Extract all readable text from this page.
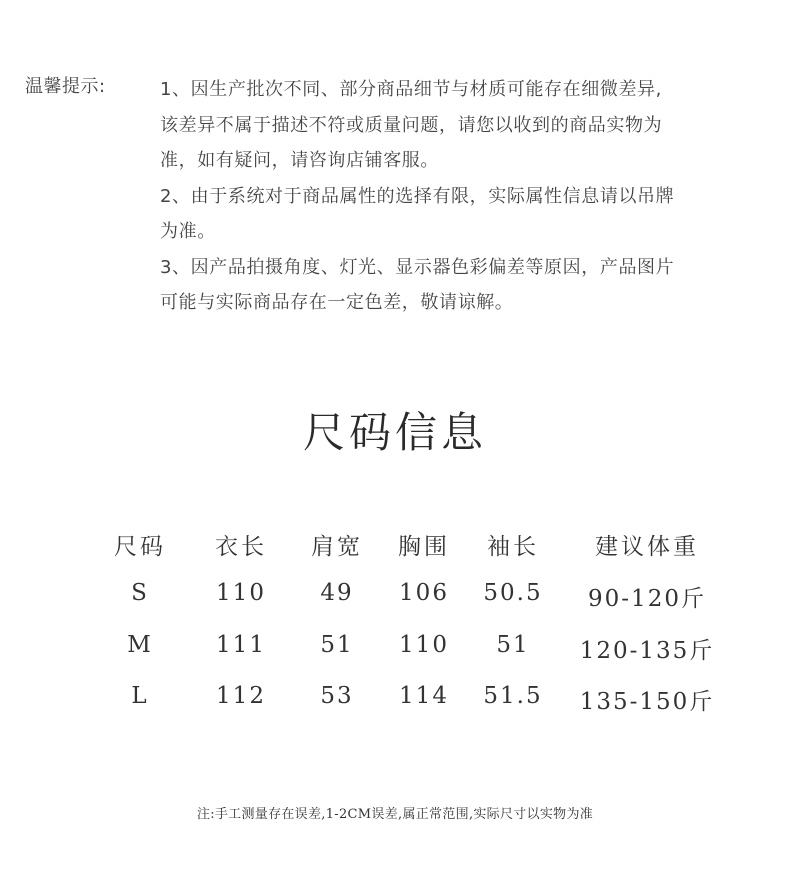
温馨提示:	1、因生产批次不同、部分商品细节与材质可能存在细微差异,
该差异不属于描述不符或质量问题，请您以收到的商品实物为
准，如有疑问，请咨询店铺客服。
2、由于系统对于商品属性的选择有限，实际属性信息请以吊牌
为准。
3、因产品拍摄角度、灯光、显示器色彩偏差等原因，产品图片
可能与实际商品存在一定色差，敬请谅解。
尺码信息
尺码 衣长 肩宽 胸围 袖长 建议体重
S	110 49 106 50.5 90-120斤
M	111 51 110 51 120-135斤
L	112 53 114 51.5 135-150斤
注:手工测量存在误差,1-2CM误差,属正常范围,实际尺寸以实物为准
